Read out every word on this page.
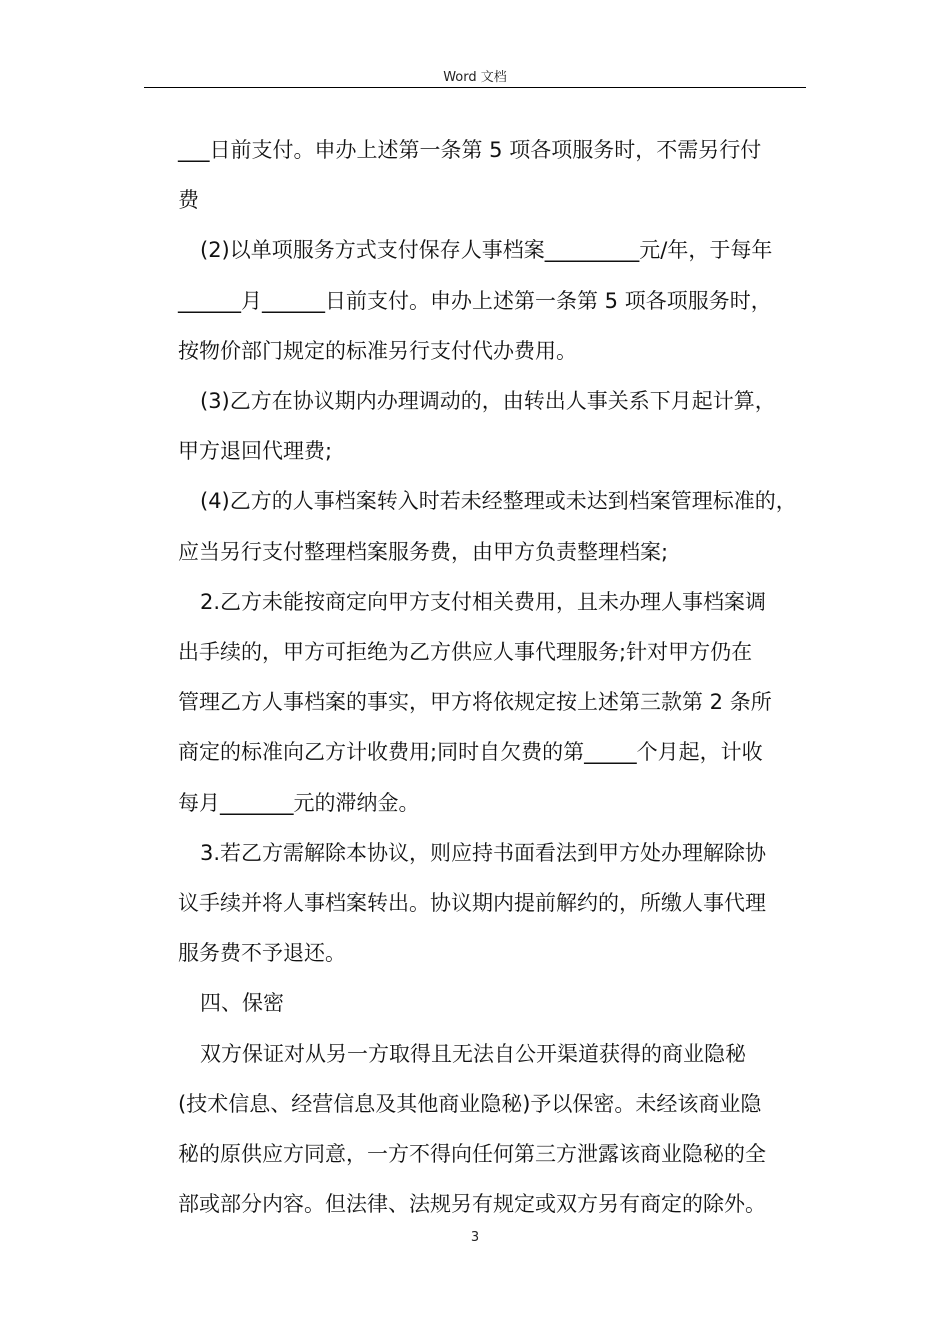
Word 文档
___日前支付。申办上述第一条第 5 项各项服务时，不需另行付
费
(2)以单项服务方式支付保存人事档案_________元/年，于每年
______月______日前支付。申办上述第一条第 5 项各项服务时，
按物价部门规定的标准另行支付代办费用。
(3)乙方在协议期内办理调动的，由转出人事关系下月起计算，
甲方退回代理费;
(4)乙方的人事档案转入时若未经整理或未达到档案管理标准的，
应当另行支付整理档案服务费，由甲方负责整理档案;
2.乙方未能按商定向甲方支付相关费用，且未办理人事档案调
出手续的，甲方可拒绝为乙方供应人事代理服务;针对甲方仍在
管理乙方人事档案的事实，甲方将依规定按上述第三款第 2 条所
商定的标准向乙方计收费用;同时自欠费的第_____个月起，计收
每月_______元的滞纳金。
3.若乙方需解除本协议，则应持书面看法到甲方处办理解除协
议手续并将人事档案转出。协议期内提前解约的，所缴人事代理
服务费不予退还。
四、保密
双方保证对从另一方取得且无法自公开渠道获得的商业隐秘
(技术信息、经营信息及其他商业隐秘)予以保密。未经该商业隐
秘的原供应方同意，一方不得向任何第三方泄露该商业隐秘的全
部或部分内容。但法律、法规另有规定或双方另有商定的除外。
3
